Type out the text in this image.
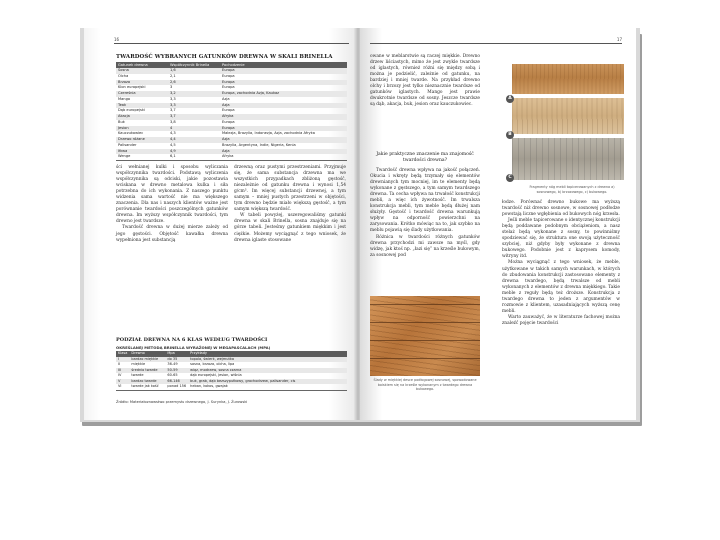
16
TWARDOŚĆ WYBRANYCH GATUNKÓW DREWNA W SKALI BRINELLA
Gatunek drewna	Współczynnik Brinella	Pochodzenie
Sosna	1,6	Europa
Olcha	2,1	Europa
Brzoza	2,6	Europa
Klon europejski	3	Europa
Czereśnia	3,2	Europa, zachodnia Azja, Kaukaz
Mango	3,3	Azja
Teak	3,3	Azja
Dąb europejski	3,7	Europa
Akacja	3,7	Afryka
Buk	3,8	Europa
Jesion	4	Europa
Kauczukowiec	4,3	Malezja, Brazylia, Indonezja, Azja, zachodnia Afryka
Drzewo różane	4,4	Azja
Palisander	4,5	Brazylia, Argentyna, Indie, Nigeria, Kenia
Iłkwa	4,9	Azja
Wenge	6,1	Afryka

ści wełnianej kulki i sposobu wyliczania współczynnika twardości. Podstawą wyliczenia współczynnika są odciski, jakie pozostawia wciskana w drewno metalowa kulka i siła potrzebna do ich wykonania. Z naszego punktu widzenia sama wartość nie ma większego znaczenia. Dla nas i naszych klientów ważne jest porównanie twardości poszczególnych gatunków drewna. Im wyższy współczynnik twardości, tym drewno jest twardsze.

Twardość drewna w dużej mierze zależy od jego gęstości. Objętość kawałka drewna wypełniona jest substancją

drzewną oraz pustymi przestrzeniami. Przyjmuje się, że sama substancja drzewna ma we wszystkich przypadkach zbliżoną gęstość, niezależnie od gatunku drewna i wynosi 1,54 g/cm³. Im więcej substancji drzewnej, a tym samym – mniej pustych przestrzeni w objętości, tym drewno będzie miało większą gęstość, a tym samym większą twardość.

W tabeli powyżej, uszeregowaliśmy gatunki drewna w skali Brinella, sosna znajduje się na górze tabeli. Jesteśmy gatunkiem miękkim i jest ciężkie. Możemy wyciągnąć z tego wniosek, że drewna iglaste stosowane

PODZIAŁ DREWNA NA 6 KLAS WEDŁUG TWARDOŚCI
OKREŚLANEJ METODĄ BRINELLA WYRAŻONEJ W MEGAPASCALACH (MPA)
Klasa	Drewno	Mpa	Przykłady
I	bardzo miękkie	do 35	topola, świerk, wejmutka
II	miękkie	36-49	sosna, brzoza, olcha, lipa
III	średnio twarde	50-59	wiąz, modrzew, sosna czarna
IV	twarde	60-65	dąb europejski, jesion, wiśnia
V	bardzo twarde	66-146	buk, grab, dąb bezszypułkowy, grochodrzew, palisander, cis
VI	twarde jak kość	ponad 156	heban, kokos, gwajak
Źródło: Materiałoznawstwo przemysłu drzewnego, J. Surynka, J. Żurowski
17

owane w meblarstwie są raczej miękkie. Drewno drzew liściastych, mimo że jest zwykle twardsze od iglastych, również różni się między sobą i można je podzielić, zależnie od gatunku, na bardziej i mniej twarde. Na przykład drewno olchy i brzozy jest tylko nieznacznie twardsze od gatunków iglastych. Mango jest prawie dwukrotnie twardsze od sosny. Jeszcze twardsze są dąb, akacja, buk, jesion oraz kauczukowiec.

Jakie praktyczne znaczenie ma znajomość twardości drewna?

Twardość drewna wpływa na jakość połączeń. Okucia i wkręty będą trzymały się elementów drewnianych tym mocniej, im te elementy będą wykonane z gęstszego, a tym samym twardszego drewna. Ta cecha wpływa na trwałość konstrukcji mebli, a więc ich żywotność. Im trwalsza konstrukcja mebli, tym meble będą dłużej nam służyły. Gęstość i twardość drewna warunkują wpływ na odporność powierzchni na zarysowania. Krótko mówiąc na to, jak szybko na meblu pojawią się ślady użytkowania.

Różnica w twardości różnych gatunków drewna przychodzi mi zawsze na myśl, gdy widzę, jak ktoś np. „łazi się” na krześle bukowym, za sosnowej pod

A
B
C
Fragmenty nóg mebli tapicerowanych z drewna a) sosnowego, b) brzozowego, c) bukowego.

łodze. Porównać drewno bukowe ma wyższą twardość niż drewno sosnowe, w sosnowej podłodze powstają liczne wgłębienia od bukowych nóg krzesła.

Jeśli meble tapicerowane o identycznej konstrukcji będą poddawane podobnym obciążeniom, a nasz stelaż będą wykonane z sosny, to powinniśmy spodziewać się, że struktura one swoją użyteczność szybciej, niż gdyby były wykonane z drewna bukowego. Podobnie jest z kaprysem komody, witryny itd.

Można wyciągnąć z tego wniosek, że meble, użytkowane w takich samych warunkach, w których do zbudowania konstrukcji zastosowano elementy z drewna twardego, będą trwalsze od mebli wykonanych z elementów z drewna miękkiego. Takie meble z reguły będą też droższe. Konstrukcja z twardego drewna to jeden z argumentów w rozmowie z klientem, uzasadniających wyższą cenę mebli.

Warto zauważyć, że w literaturze fachowej można znaleźć pojęcie twardości

Ślady w miękkiej desce podłogowej sosnowej, spowodowane boiskiem się na krześle wykonanym z twardego drewna bukowego.
